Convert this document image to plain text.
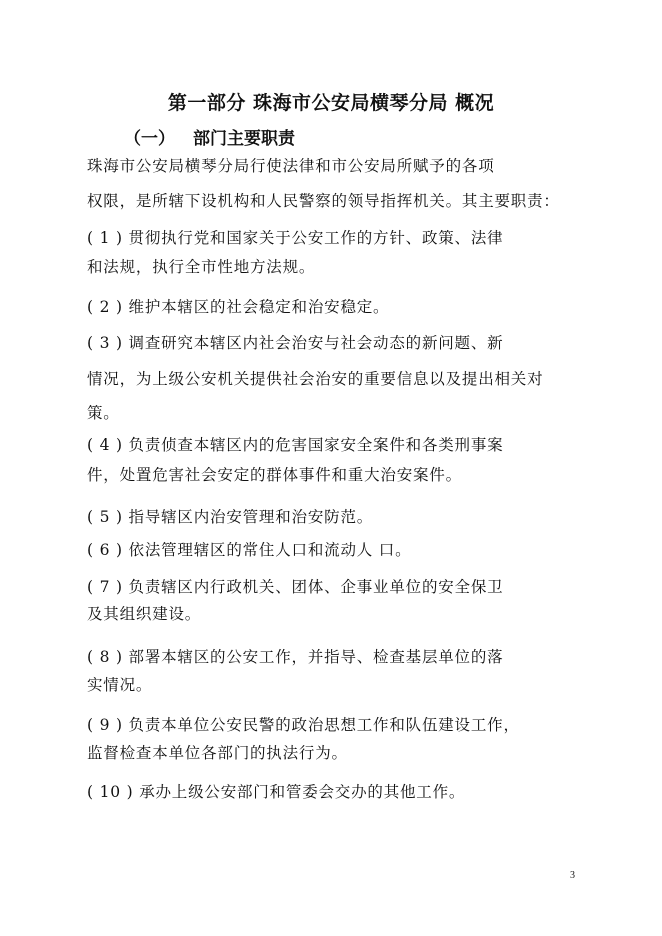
第一部分 珠海市公安局横琴分局 概况
（一） 部门主要职责
珠海市公安局横琴分局行使法律和市公安局所赋予的各项
权限，是所辖下设机构和人民警察的领导指挥机关。其主要职责：
( 1 ) 贯彻执行党和国家关于公安工作的方针、政策、法律
和法规，执行全市性地方法规。
( 2 ) 维护本辖区的社会稳定和治安稳定。
( 3 ) 调查研究本辖区内社会治安与社会动态的新问题、新
情况，为上级公安机关提供社会治安的重要信息以及提出相关对
策。
( 4 ) 负责侦查本辖区内的危害国家安全案件和各类刑事案
件，处置危害社会安定的群体事件和重大治安案件。
( 5 ) 指导辖区内治安管理和治安防范。
( 6 ) 依法管理辖区的常住人口和流动人 口。
( 7 ) 负责辖区内行政机关、团体、企事业单位的安全保卫
及其组织建设。
( 8 ) 部署本辖区的公安工作，并指导、检查基层单位的落
实情况。
( 9 ) 负责本单位公安民警的政治思想工作和队伍建设工作，
监督检查本单位各部门的执法行为。
( 10 ) 承办上级公安部门和管委会交办的其他工作。
3
